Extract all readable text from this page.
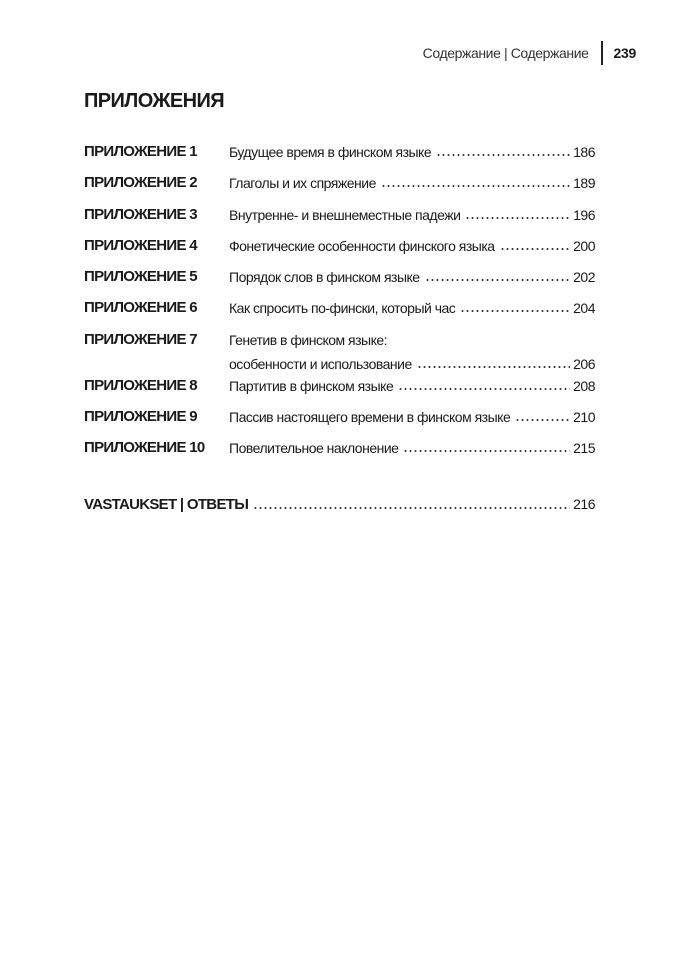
Содержание | Содержание 239
ПРИЛОЖЕНИЯ
ПРИЛОЖЕНИЕ 1	Будущее время в финском языке	186
ПРИЛОЖЕНИЕ 2	Глаголы и их спряжение	189
ПРИЛОЖЕНИЕ 3	Внутренне- и внешнеместные падежи	196
ПРИЛОЖЕНИЕ 4	Фонетические особенности финского языка	200
ПРИЛОЖЕНИЕ 5	Порядок слов в финском языке	202
ПРИЛОЖЕНИЕ 6	Как спросить по-фински, который час	204
ПРИЛОЖЕНИЕ 7	Генетив в финском языке:
особенности и использование	206
ПРИЛОЖЕНИЕ 8	Партитив в финском языке	208
ПРИЛОЖЕНИЕ 9	Пассив настоящего времени в финском языке	210
ПРИЛОЖЕНИЕ 10	Повелительное наклонение	215
VASTAUKSET | ОТВЕТЫ	216
